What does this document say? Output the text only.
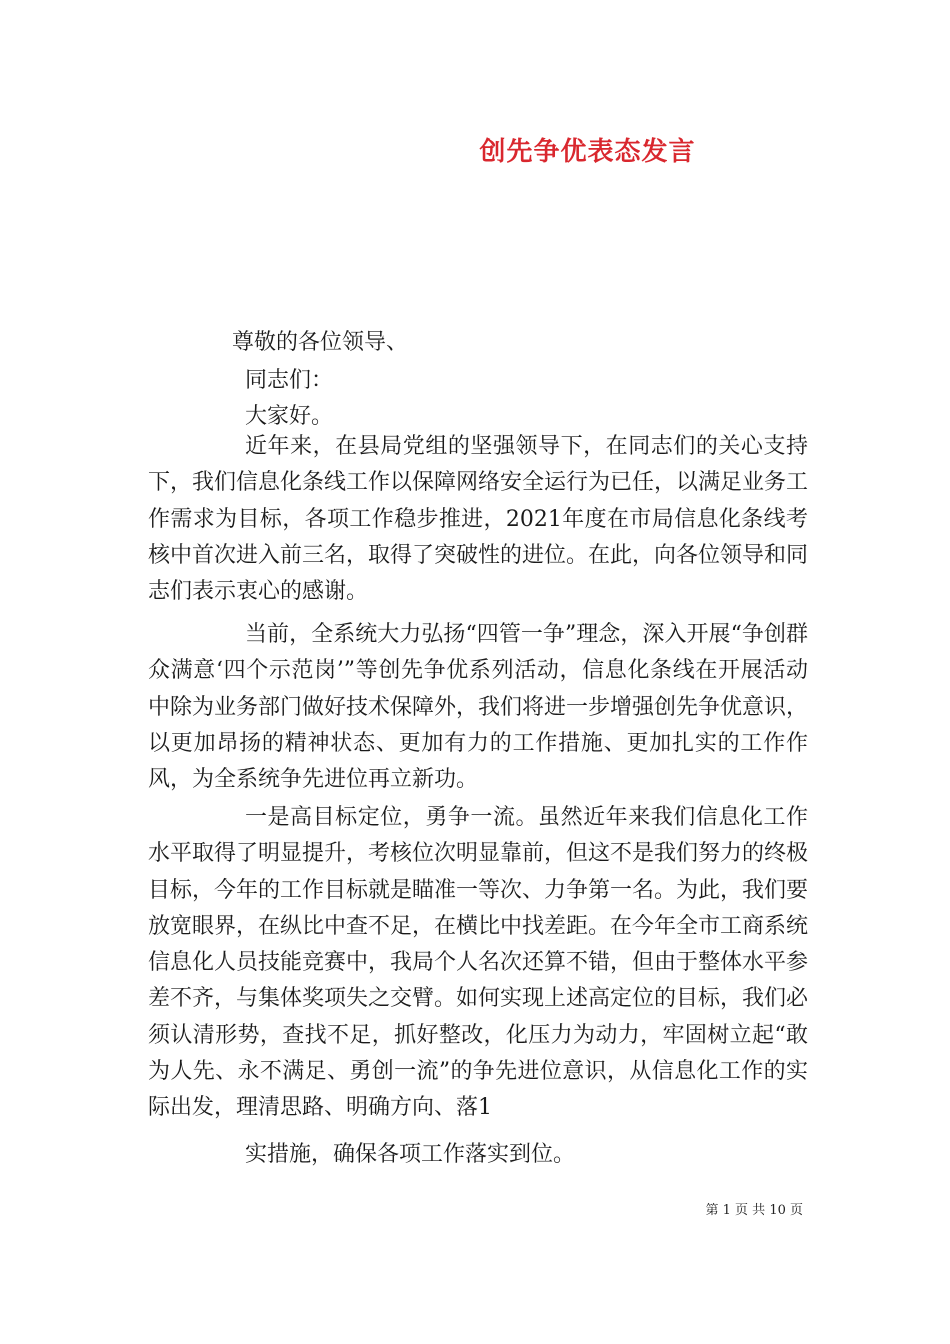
创先争优表态发言
尊敬的各位领导、
同志们：
大家好。

近年来，在县局党组的坚强领导下，在同志们的关心支持下，我们信息化条线工作以保障网络安全运行为已任，以满足业务工作需求为目标，各项工作稳步推进，2021年度在市局信息化条线考核中首次进入前三名，取得了突破性的进位。在此，向各位领导和同志们表示衷心的感谢。

当前，全系统大力弘扬“四管一争”理念，深入开展“争创群众满意‘四个示范岗’”等创先争优系列活动，信息化条线在开展活动中除为业务部门做好技术保障外，我们将进一步增强创先争优意识，以更加昂扬的精神状态、更加有力的工作措施、更加扎实的工作作风，为全系统争先进位再立新功。

一是高目标定位，勇争一流。虽然近年来我们信息化工作水平取得了明显提升，考核位次明显靠前，但这不是我们努力的终极目标，今年的工作目标就是瞄准一等次、力争第一名。为此，我们要放宽眼界，在纵比中查不足，在横比中找差距。在今年全市工商系统信息化人员技能竞赛中，我局个人名次还算不错，但由于整体水平参差不齐，与集体奖项失之交臂。如何实现上述高定位的目标，我们必须认清形势，查找不足，抓好整改，化压力为动力，牢固树立起“敢为人先、永不满足、勇创一流”的争先进位意识，从信息化工作的实际出发，理清思路、明确方向、落1

实措施，确保各项工作落实到位。

第 1 页 共 10 页
